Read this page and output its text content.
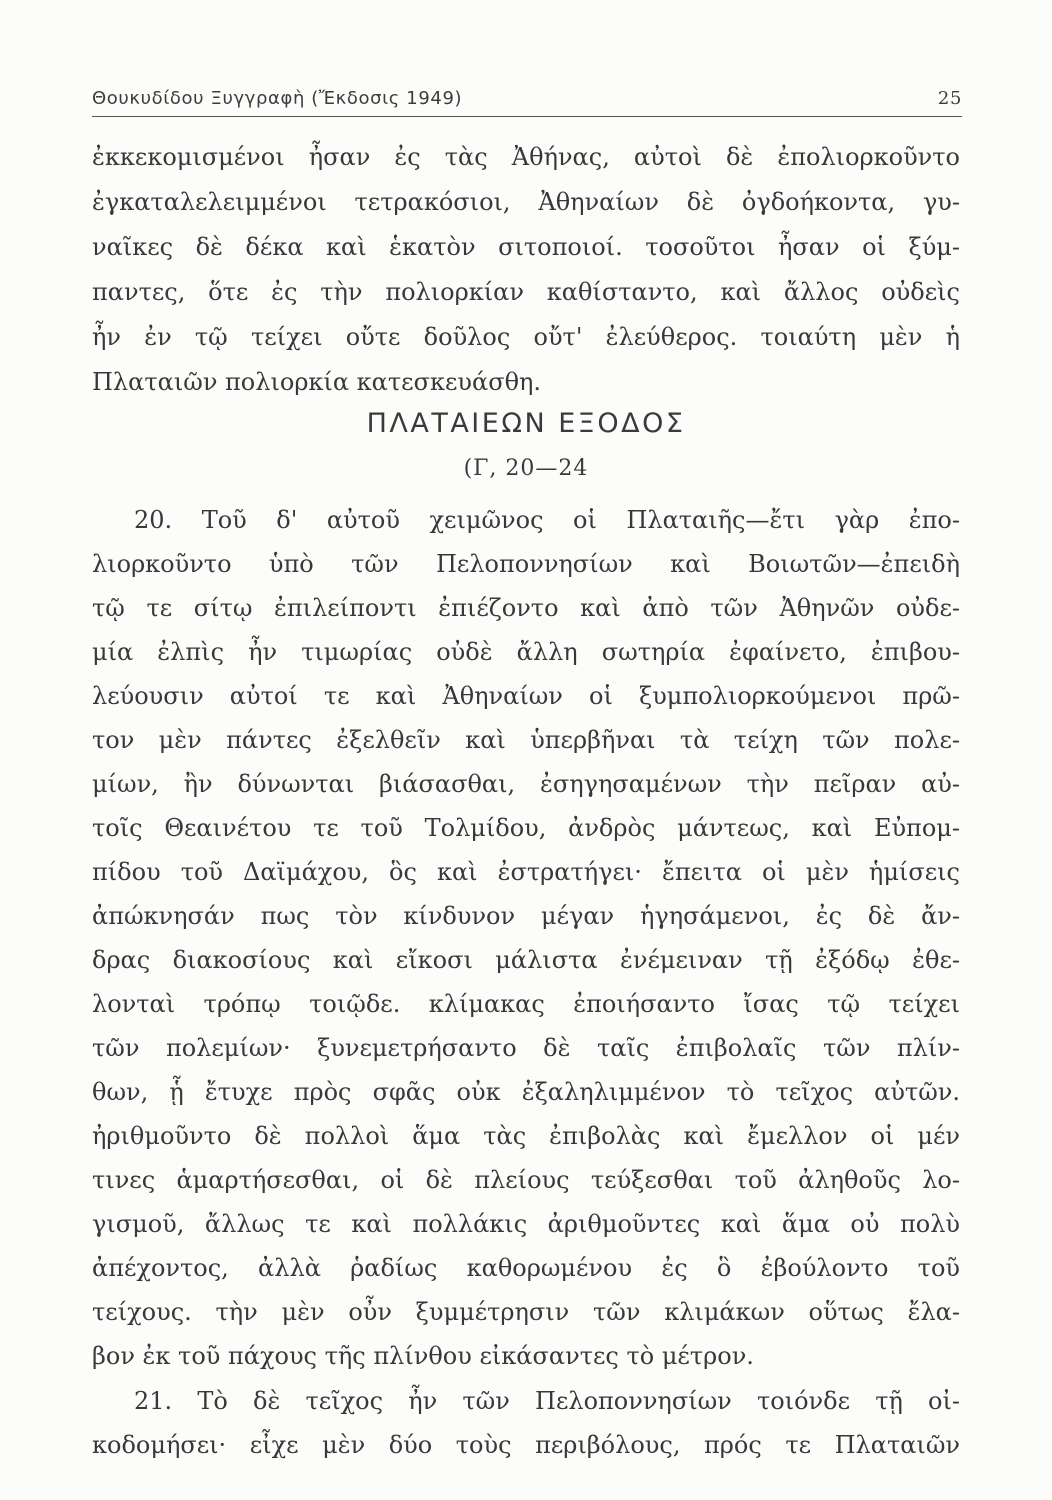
Θουκυδίδου Ξυγγραφὴ (Ἔκδοσις 1949)	25
ἐκκεκομισμένοι ἦσαν ἐς τὰς Ἀθήνας, αὐτοὶ δὲ ἐπολιορκοῦντο
ἐγκαταλελειμμένοι τετρακόσιοι, Ἀθηναίων δὲ ὀγδοήκοντα, γυ-
ναῖκες δὲ δέκα καὶ ἑκατὸν σιτοποιοί. τοσοῦτοι ἦσαν οἱ ξύμ-
παντες, ὅτε ἐς τὴν πολιορκίαν καθίσταντο, καὶ ἄλλος οὐδεὶς
ἦν ἐν τῷ τείχει οὔτε δοῦλος οὔτ' ἐλεύθερος. τοιαύτη μὲν ἡ
Πλαταιῶν πολιορκία κατεσκευάσθη.
ΠΛΑΤΑΙΕΩΝ ΕΞΟΔΟΣ
(Γ, 20—24
20. Τοῦ δ' αὐτοῦ χειμῶνος οἱ Πλαταιῆς—ἔτι γὰρ ἐπο-
λιορκοῦντο ὑπὸ τῶν Πελοποννησίων καὶ Βοιωτῶν—ἐπειδὴ
τῷ τε σίτῳ ἐπιλείποντι ἐπιέζοντο καὶ ἀπὸ τῶν Ἀθηνῶν οὐδε-
μία ἐλπὶς ἦν τιμωρίας οὐδὲ ἄλλη σωτηρία ἐφαίνετο, ἐπιβου-
λεύουσιν αὐτοί τε καὶ Ἀθηναίων οἱ ξυμπολιορκούμενοι πρῶ-
τον μὲν πάντες ἐξελθεῖν καὶ ὑπερβῆναι τὰ τείχη τῶν πολε-
μίων, ἢν δύνωνται βιάσασθαι, ἐσηγησαμένων τὴν πεῖραν αὐ-
τοῖς Θεαινέτου τε τοῦ Τολμίδου, ἀνδρὸς μάντεως, καὶ Εὐπομ-
πίδου τοῦ Δαϊμάχου, ὃς καὶ ἐστρατήγει· ἔπειτα οἱ μὲν ἡμίσεις
ἀπώκνησάν πως τὸν κίνδυνον μέγαν ἡγησάμενοι, ἐς δὲ ἄν-
δρας διακοσίους καὶ εἴκοσι μάλιστα ἐνέμειναν τῇ ἐξόδῳ ἐθε-
λονταὶ τρόπῳ τοιῷδε. κλίμακας ἐποιήσαντο ἴσας τῷ τείχει
τῶν πολεμίων· ξυνεμετρήσαντο δὲ ταῖς ἐπιβολαῖς τῶν πλίν-
θων, ᾗ ἔτυχε πρὸς σφᾶς οὐκ ἐξαληλιμμένον τὸ τεῖχος αὐτῶν.
ἠριθμοῦντο δὲ πολλοὶ ἅμα τὰς ἐπιβολὰς καὶ ἔμελλον οἱ μέν
τινες ἁμαρτήσεσθαι, οἱ δὲ πλείους τεύξεσθαι τοῦ ἀληθοῦς λο-
γισμοῦ, ἄλλως τε καὶ πολλάκις ἀριθμοῦντες καὶ ἅμα οὐ πολὺ
ἀπέχοντος, ἀλλὰ ῥαδίως καθορωμένου ἐς ὃ ἐβούλοντο τοῦ
τείχους. τὴν μὲν οὖν ξυμμέτρησιν τῶν κλιμάκων οὕτως ἔλα-
βον ἐκ τοῦ πάχους τῆς πλίνθου εἰκάσαντες τὸ μέτρον.
21. Τὸ δὲ τεῖχος ἦν τῶν Πελοποννησίων τοιόνδε τῇ οἰ-
κοδομήσει· εἶχε μὲν δύο τοὺς περιβόλους, πρός τε Πλαταιῶν
